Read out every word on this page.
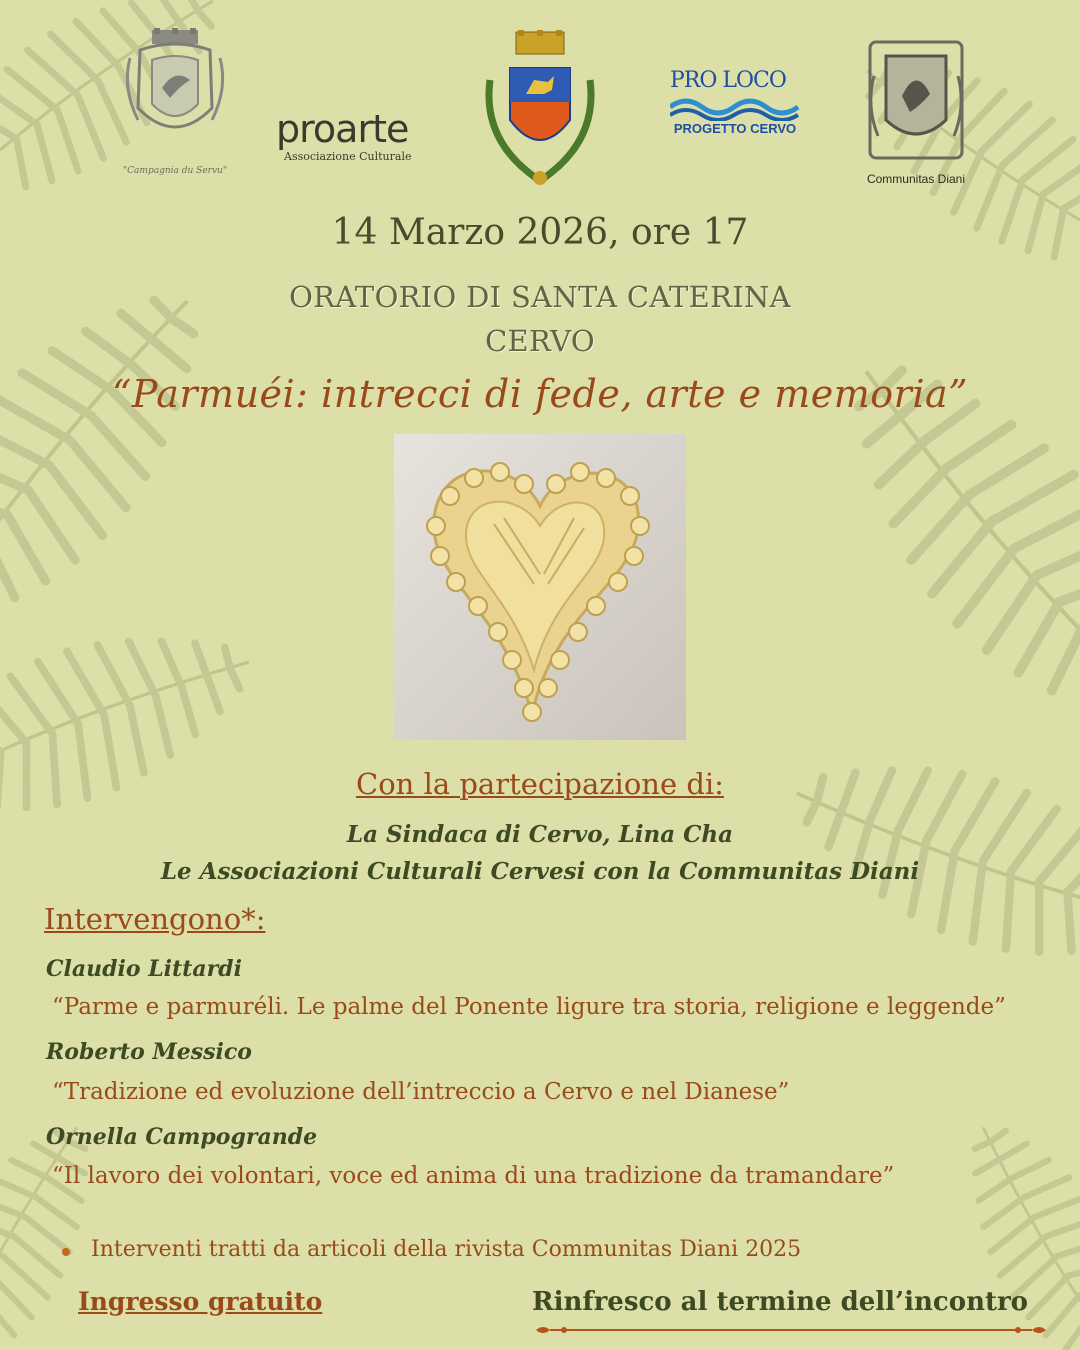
"Campagnia du Servu"
proarte
Associazione Culturale
PRO LOCO
PROGETTO CERVO
Communitas Diani
14 Marzo 2026, ore 17
ORATORIO DI SANTA CATERINA
CERVO
“Parmuéi: intrecci di fede, arte e memoria”
Con la partecipazione di:
La Sindaca di Cervo, Lina Cha
Le Associazioni Culturali Cervesi con la Communitas Diani
Intervengono*:
Claudio Littardi
“Parme e parmuréli. Le palme del Ponente ligure tra storia, religione e leggende”
Roberto Messico
“Tradizione ed evoluzione dell’intreccio a Cervo e nel Dianese”
Ornella Campogrande
“Il lavoro dei volontari, voce ed anima di una tradizione da tramandare”
Interventi tratti da articoli della rivista Communitas Diani 2025
Ingresso gratuito	Rinfresco al termine dell’incontro
